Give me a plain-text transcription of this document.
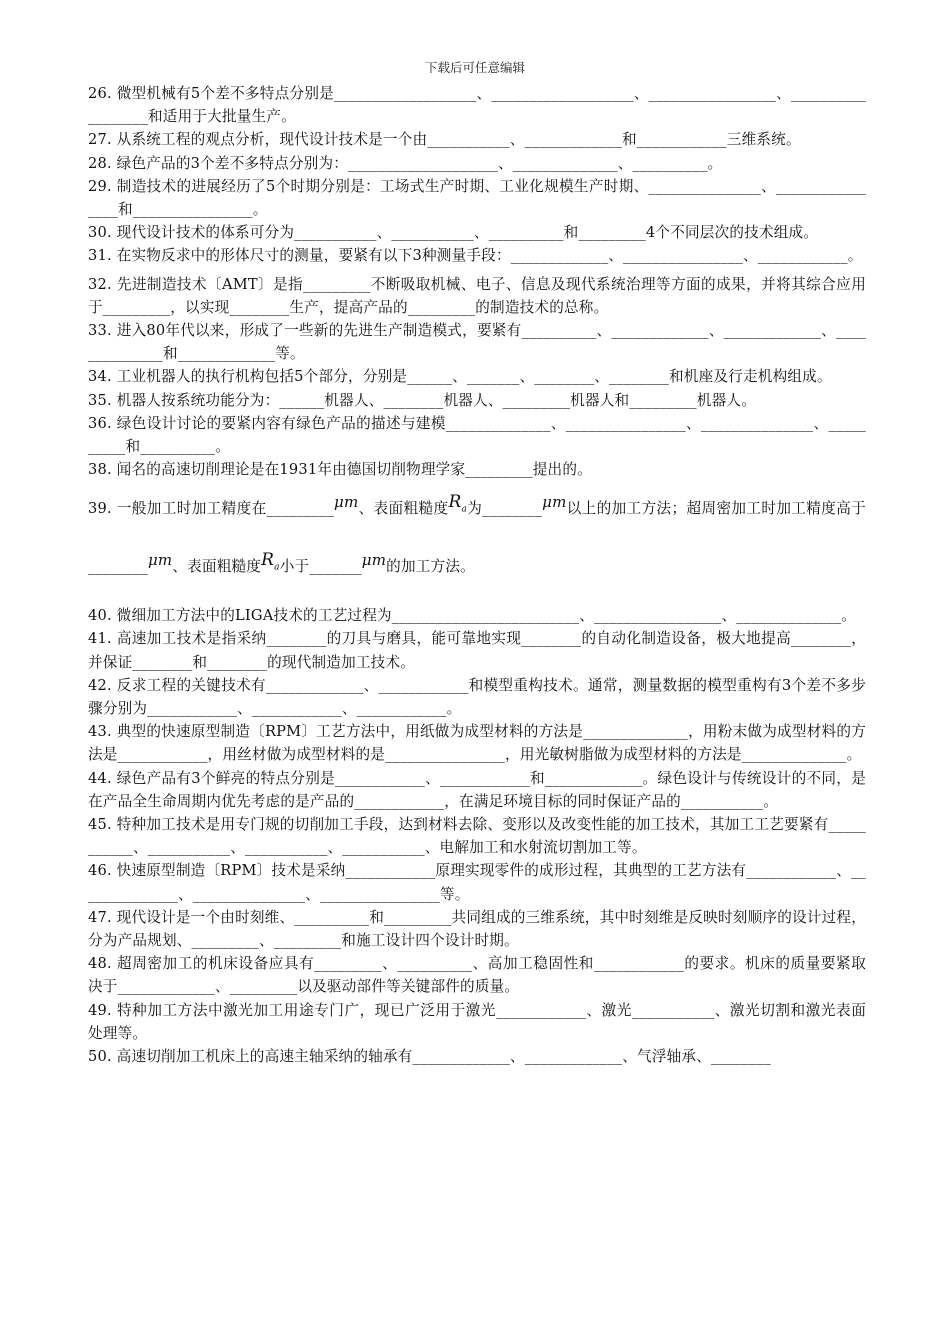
下载后可任意编辑

26. 微型机械有5个差不多特点分别是___________________、___________________、_________________、__________________和适用于大批量生产。

27. 从系统工程的观点分析，现代设计技术是一个由___________、_____________和____________三维系统。

28. 绿色产品的3个差不多特点分别为：____________________、______________、__________。

29. 制造技术的进展经历了5个时期分别是：工场式生产时期、工业化规模生产时期、_______________、________________和________________。

30. 现代设计技术的体系可分为___________、___________、__________和_________4个不同层次的技术组成。

31. 在实物反求中的形体尺寸的测量，要紧有以下3种测量手段：_____________、________________、____________。

32. 先进制造技术〔AMT〕是指_________不断吸取机械、电子、信息及现代系统治理等方面的成果，并将其综合应用于_________，以实现________生产，提高产品的_________的制造技术的总称。

33. 进入80年代以来，形成了一些新的先进生产制造模式，要紧有__________、_____________、_____________、______________和_____________等。

34. 工业机器人的执行机构包括5个部分，分别是______、_______、________、________和机座及行走机构组成。

35. 机器人按系统功能分为：______机器人、________机器人、_________机器人和_________机器人。

36. 绿色设计讨论的要紧内容有绿色产品的描述与建模______________、________________、_______________、__________和__________。

38. 闻名的高速切削理论是在1931年由德国切削物理学家_________提出的。

39. 一般加工时加工精度在_________μm、表面粗糙度$R_a$为________μm以上的加工方法；超周密加工时加工精度高于________μm、表面粗糙度$R_a$小于_______μm的加工方法。

40. 微细加工方法中的LIGA技术的工艺过程为_________________________、_________________、______________。

41. 高速加工技术是指采纳________的刀具与磨具，能可靠地实现________的自动化制造设备，极大地提高________，并保证________和________的现代制造加工技术。

42. 反求工程的关键技术有_____________、____________和模型重构技术。通常，测量数据的模型重构有3个差不多步骤分别为____________、____________、____________。

43. 典型的快速原型制造〔RPM〕工艺方法中，用纸做为成型材料的方法是______________，用粉末做为成型材料的方法是____________，用丝材做为成型材料的是________________，用光敏树脂做为成型材料的方法是______________。

44. 绿色产品有3个鲜亮的特点分别是____________、____________和_____________。绿色设计与传统设计的不同，是在产品全生命周期内优先考虑的是产品的____________，在满足环境目标的同时保证产品的___________。

45. 特种加工技术是用专门规的切削加工手段，达到材料去除、变形以及改变性能的加工技术，其加工工艺要紧有___________、___________、___________、___________、电解加工和水射流切割加工等。

46. 快速原型制造〔RPM〕技术是采纳____________原理实现零件的成形过程，其典型的工艺方法有____________、______________、_______________、________________等。

47. 现代设计是一个由时刻维、__________和_________共同组成的三维系统，其中时刻维是反映时刻顺序的设计过程，分为产品规划、_________、_________和施工设计四个设计时期。

48. 超周密加工的机床设备应具有_________、__________、高加工稳固性和____________的要求。机床的质量要紧取决于_____________、_________以及驱动部件等关键部件的质量。

49. 特种加工方法中激光加工用途专门广，现已广泛用于激光____________、激光___________、激光切割和激光表面处理等。

50. 高速切削加工机床上的高速主轴采纳的轴承有_____________、_____________、气浮轴承、________
